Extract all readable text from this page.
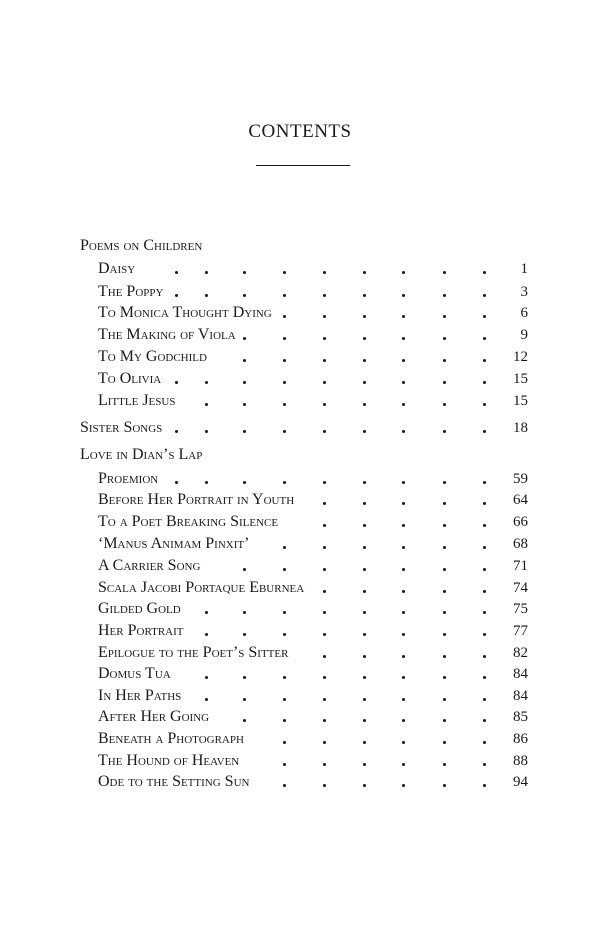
CONTENTS
Poems on Children
Daisy	1
The Poppy	3
To Monica Thought Dying	6
The Making of Viola	9
To My Godchild	12
To Olivia	15
Little Jesus	15
Sister Songs	18
Love in Dian’s Lap
Proemion	59
Before Her Portrait in Youth	64
To a Poet Breaking Silence	66
‘Manus Animam Pinxit’	68
A Carrier Song	71
Scala Jacobi Portaque Eburnea	74
Gilded Gold	75
Her Portrait	77
Epilogue to the Poet’s Sitter	82
Domus Tua	84
In Her Paths	84
After Her Going	85
Beneath a Photograph	86
The Hound of Heaven	88
Ode to the Setting Sun	94
